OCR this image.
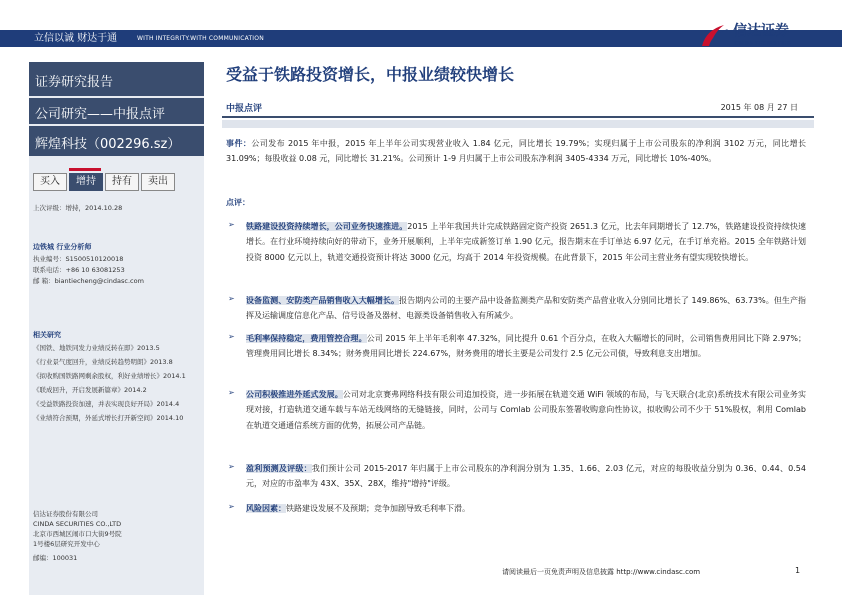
立信以诚 财达于通	WITH INTEGRITY.WITH COMMUNICATION	信达证券
CINDA SECURITIES
证券研究报告
公司研究——中报点评
辉煌科技（002296.sz）
买入	增持	持有	卖出
上次评级：增持，2014.10.28
边铁城 行业分析师
执业编号：S1500510120018
联系电话：+86 10 63081253
邮 箱：biantiecheng@cindasc.com
相关研究
《国铁、地铁同发力业绩反转在即》2013.5
《行业景气度回升，业绩反转趋势明朗》2013.8
《拟收购国铁路网剩余股权，利好业绩增长》2014.1
《联成回升，开启发展新篇章》2014.2
《受益铁路投资加速，并表实现良好开局》2014.4
《业绩符合预期，外延式增长打开新空间》2014.10
信达证券股份有限公司
CINDA SECURITIES CO.,LTD
北京市西城区闹市口大街9号院
1号楼6层研究开发中心
邮编：100031
受益于铁路投资增长，中报业绩较快增长
中报点评	2015 年 08 月 27 日
事件：公司发布 2015 年中报，2015 年上半年公司实现营业收入 1.84 亿元，同比增长 19.79%；实现归属于上市公司股东的净利润 3102 万元，同比增长 31.09%；每股收益 0.08 元，同比增长 31.21%。公司预计 1-9 月归属于上市公司股东净利润 3405-4334 万元，同比增长 10%-40%。
点评：
➢ 铁路建设投资持续增长，公司业务快速推进。2015 上半年我国共计完成铁路固定资产投资 2651.3 亿元，比去年同期增长了 12.7%，铁路建设投资持续快速增长。在行业环境持续向好的带动下，业务开展顺利，上半年完成新签订单 1.90 亿元，报告期末在手订单达 6.97 亿元，在手订单充裕。2015 全年铁路计划投资 8000 亿元以上，轨道交通投资预计将达 3000 亿元，均高于 2014 年投资规模。在此背景下，2015 年公司主营业务有望实现较快增长。
➢ 设备监测、安防类产品销售收入大幅增长。报告期内公司的主要产品中设备监测类产品和安防类产品营业收入分别同比增长了 149.86%、63.73%。但生产指挥及运输调度信息化产品、信号设备及器材、电源类设备销售收入有所减少。
➢ 毛利率保持稳定，费用管控合理。公司 2015 年上半年毛利率 47.32%，同比提升 0.61 个百分点，在收入大幅增长的同时，公司销售费用同比下降 2.97%；管理费用同比增长 8.34%；财务费用同比增长 224.67%，财务费用的增长主要是公司发行 2.5 亿元公司债，导致利息支出增加。
➢ 公司积极推进外延式发展。公司对北京赛弗网络科技有限公司追加投资，进一步拓展在轨道交通 WiFi 领域的布局，与飞天联合(北京)系统技术有限公司业务实现对接，打造轨道交通车载与车站无线网络的无缝链接，同时，公司与 Comlab 公司股东签署收购意向性协议，拟收购公司不少于 51%股权，利用 Comlab 在轨道交通通信系统方面的优势，拓展公司产品链。
➢ 盈利预测及评级：我们预计公司 2015-2017 年归属于上市公司股东的净利润分别为 1.35、1.66、2.03 亿元，对应的每股收益分别为 0.36、0.44、0.54 元，对应的市盈率为 43X、35X、28X，维持"增持"评级。
➢ 风险因素：铁路建设发展不及预期；竞争加剧导致毛利率下滑。
请阅读最后一页免责声明及信息披露 http://www.cindasc.com	1
